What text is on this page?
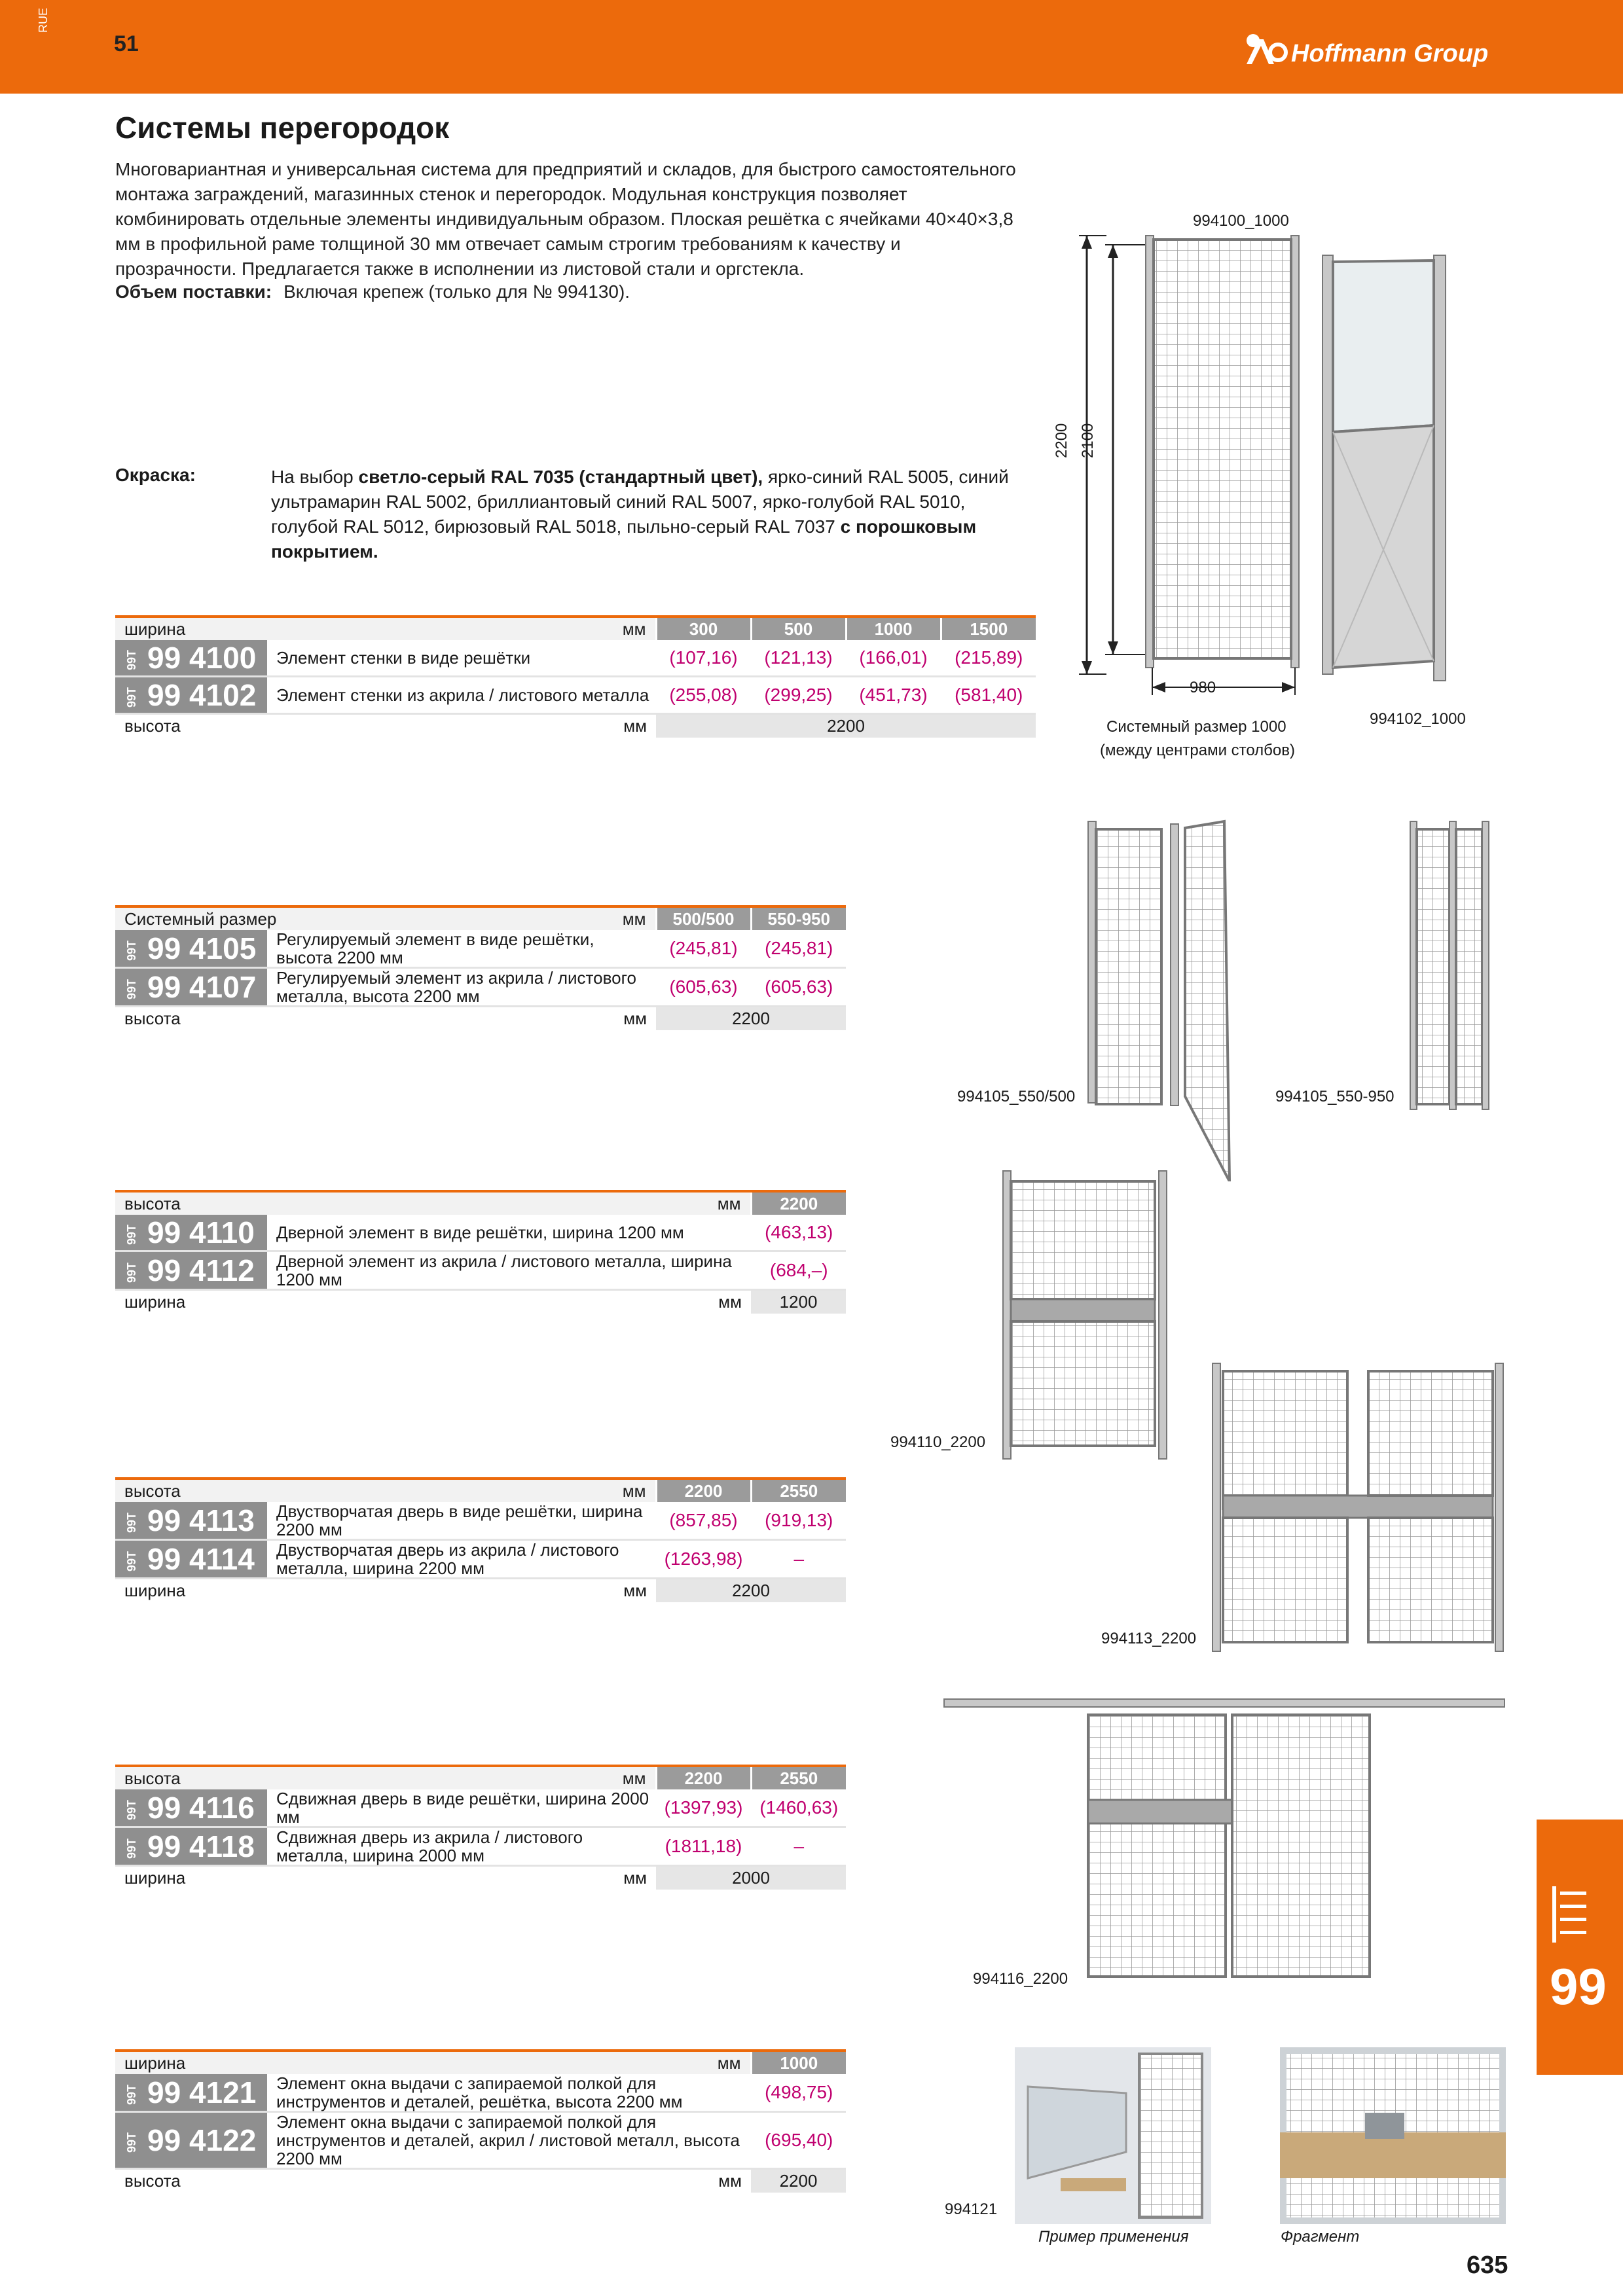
RUE
51	Hoffmann Group
Системы перегородок
Многовариантная и универсальная система для предприятий и складов, для быстрого самостоятельного монтажа заграждений, магазинных стенок и перегородок. Модульная конструкция позволяет комбинировать отдельные элементы индивидуальным образом. Плоская решётка с ячейками 40×40×3,8 мм в профильной раме толщиной 30 мм отвечает самым строгим требованиям к качеству и прозрачности. Предлагается также в исполнении из листовой стали и оргстекла.
Объем поставки: Включая крепеж (только для № 994130).
Окраска:	На выбор светло-серый RAL 7035 (стандартный цвет), ярко-синий RAL 5005, синий ультрамарин RAL 5002, бриллиантовый синий RAL 5007, ярко-голубой RAL 5010, голубой RAL 5012, бирюзовый RAL 5018, пыльно-серый RAL 7037 с порошковым покрытием.
ширина		мм	300	500	1000	1500
99T 99 4100	Элемент стенки в виде решётки		(107,16)	(121,13)	(166,01)	(215,89)
99T 99 4102	Элемент стенки из акрила / листового металла		(255,08)	(299,25)	(451,73)	(581,40)
высота		мм	2200			
Системный размер		мм	500/500	550-950
99T 99 4105	Регулируемый элемент в виде решётки, высота 2200 мм		(245,81)	(245,81)
99T 99 4107	Регулируемый элемент из акрила / листового металла, высота 2200 мм		(605,63)	(605,63)
высота		мм	2200	
высота		мм	2200
99T 99 4110	Дверной элемент в виде решётки, ширина 1200 мм		(463,13)
99T 99 4112	Дверной элемент из акрила / листового металла, ширина 1200 мм		(684,–)
ширина		мм	1200
высота		мм	2200	2550
99T 99 4113	Двустворчатая дверь в виде решётки, ширина 2200 мм		(857,85)	(919,13)
99T 99 4114	Двустворчатая дверь из акрила / листового металла, ширина 2200 мм		(1263,98)	–
ширина		мм	2200	
высота		мм	2200	2550
99T 99 4116	Сдвижная дверь в виде решётки, ширина 2000 мм		(1397,93)	(1460,63)
99T 99 4118	Сдвижная дверь из акрила / листового металла, ширина 2000 мм		(1811,18)	–
ширина		мм	2000	
ширина		мм	1000
99T 99 4121	Элемент окна выдачи с запираемой полкой для инструментов и деталей, решётка, высота 2200 мм		(498,75)
99T 99 4122	Элемент окна выдачи с запираемой полкой для инструментов и деталей, акрил / листовой металл, высота 2200 мм		(695,40)
высота		мм	2200
994100_1000
2200 2100
980
Системный размер 1000
(между центрами столбов)
994102_1000
994105_550/500	994105_550-950
994110_2200
994113_2200
994116_2200
994121
Пример применения	Фрагмент
99
635
